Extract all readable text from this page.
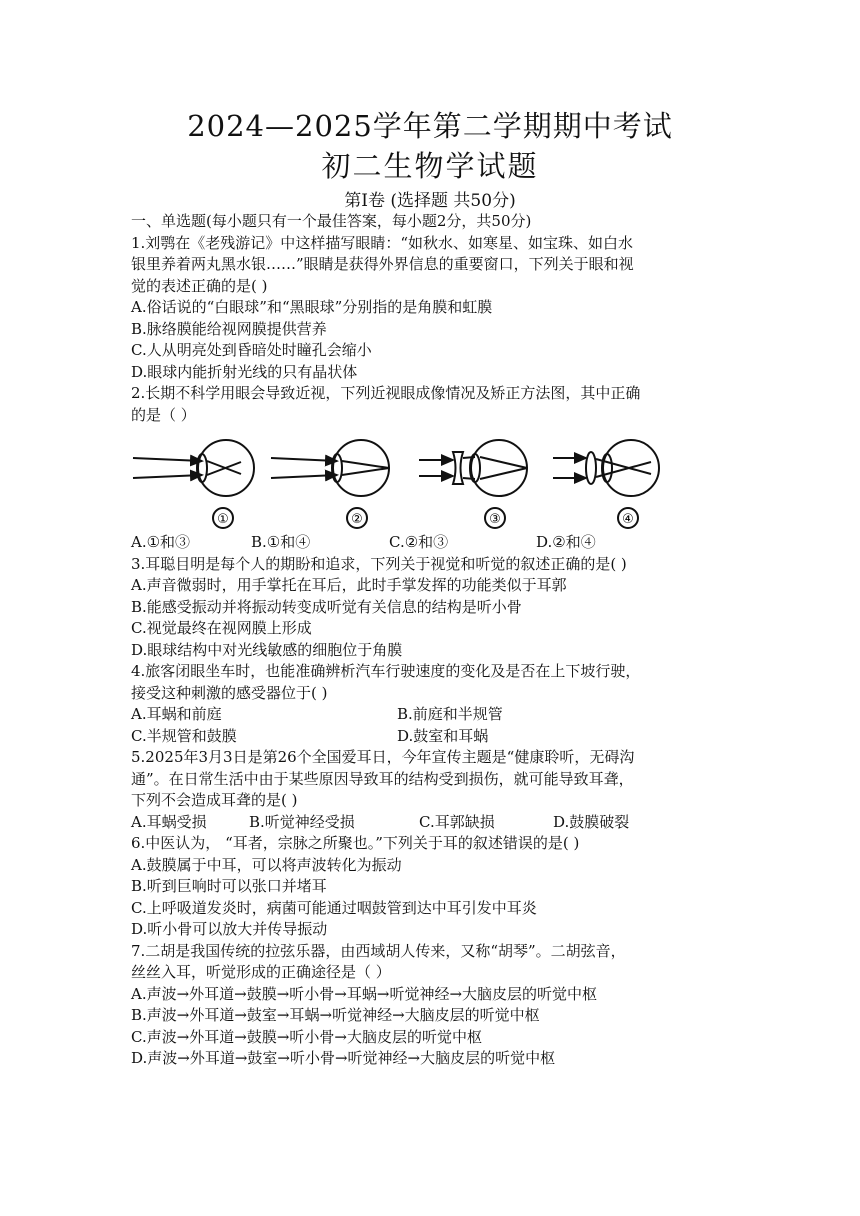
2024—2025学年第二学期期中考试
初二生物学试题
第Ⅰ卷 (选择题 共50分)
一、单选题(每小题只有一个最佳答案，每小题2分，共50分)
1.刘鹗在《老残游记》中这样描写眼睛：“如秋水、如寒星、如宝珠、如白水
银里养着两丸黑水银……”眼睛是获得外界信息的重要窗口，下列关于眼和视
觉的表述正确的是( )
A.俗话说的“白眼球”和“黑眼球”分别指的是角膜和虹膜
B.脉络膜能给视网膜提供营养
C.人从明亮处到昏暗处时瞳孔会缩小
D.眼球内能折射光线的只有晶状体
2.长期不科学用眼会导致近视，下列近视眼成像情况及矫正方法图，其中正确
的是（ ）
①	②	③	④
A.①和③	B.①和④	C.②和③	D.②和④
3.耳聪目明是每个人的期盼和追求，下列关于视觉和听觉的叙述正确的是( )
A.声音微弱时，用手掌托在耳后，此时手掌发挥的功能类似于耳郭
B.能感受振动并将振动转变成听觉有关信息的结构是听小骨
C.视觉最终在视网膜上形成
D.眼球结构中对光线敏感的细胞位于角膜
4.旅客闭眼坐车时，也能准确辨析汽车行驶速度的变化及是否在上下坡行驶，
接受这种刺激的感受器位于( )
A.耳蜗和前庭	B.前庭和半规管
C.半规管和鼓膜	D.鼓室和耳蜗
5.2025年3月3日是第26个全国爱耳日，今年宣传主题是“健康聆听，无碍沟
通”。在日常生活中由于某些原因导致耳的结构受到损伤，就可能导致耳聋，
下列不会造成耳聋的是( )
A.耳蜗受损	B.听觉神经受损	C.耳郭缺损	D.鼓膜破裂
6.中医认为， “耳者，宗脉之所聚也。”下列关于耳的叙述错误的是( )
A.鼓膜属于中耳，可以将声波转化为振动
B.听到巨响时可以张口并堵耳
C.上呼吸道发炎时，病菌可能通过咽鼓管到达中耳引发中耳炎
D.听小骨可以放大并传导振动
7.二胡是我国传统的拉弦乐器，由西域胡人传来，又称“胡琴”。二胡弦音，
丝丝入耳，听觉形成的正确途径是（ ）
A.声波→外耳道→鼓膜→听小骨→耳蜗→听觉神经→大脑皮层的听觉中枢
B.声波→外耳道→鼓室→耳蜗→听觉神经→大脑皮层的听觉中枢
C.声波→外耳道→鼓膜→听小骨→大脑皮层的听觉中枢
D.声波→外耳道→鼓室→听小骨→听觉神经→大脑皮层的听觉中枢
